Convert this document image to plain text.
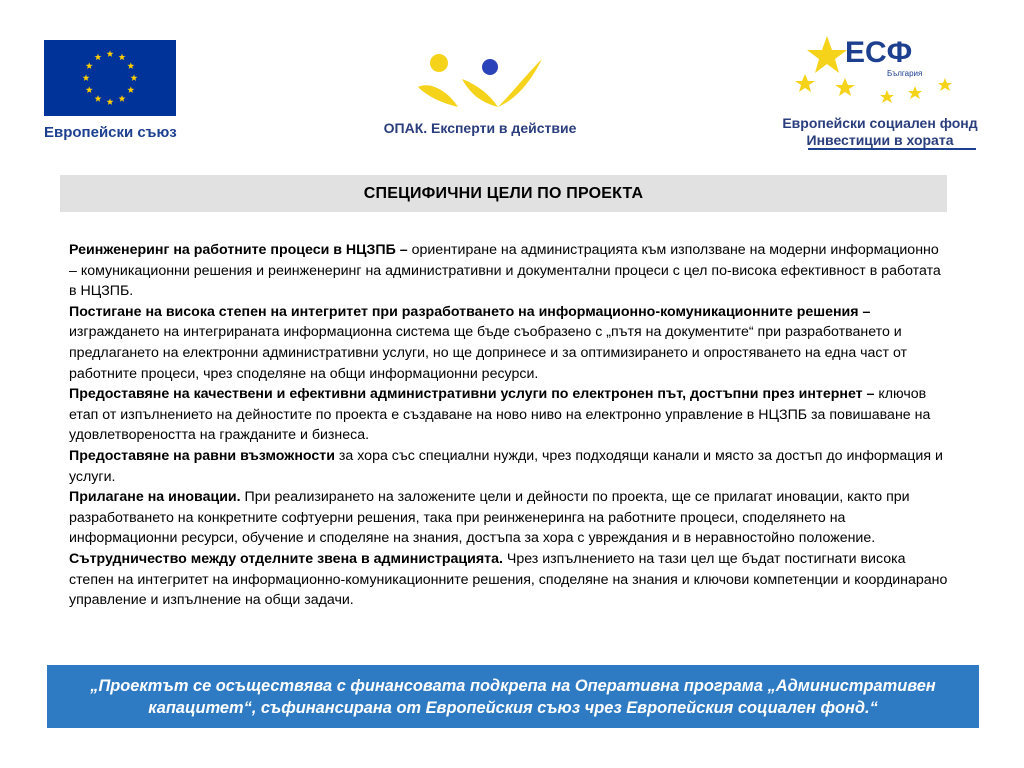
Европейски съюз	ОПАК. Експерти в действие
ЕСФ
България
Европейски социален фонд
Инвестиции в хората
СПЕЦИФИЧНИ ЦЕЛИ ПО ПРОЕКТА

Реинженеринг на работните процеси в НЦЗПБ – ориентиране на администрацията към използване на модерни информационно – комуникационни решения и реинженеринг на административни и документални процеси с цел по-висока ефективност в работата в НЦЗПБ.

Постигане на висока степен на интегритет при разработването на информационно-комуникационните решения – изграждането на интегрираната информационна система ще бъде съобразено с „пътя на документите“ при разработването и предлагането на електронни административни услуги, но ще допринесе и за оптимизирането и опростяването на една част от работните процеси, чрез споделяне на общи информационни ресурси.

Предоставяне на качествени и ефективни административни услуги по електронен път, достъпни през интернет – ключов етап от изпълнението на дейностите по проекта е създаване на ново ниво на електронно управление в НЦЗПБ за повишаване на удовлетвореността на гражданите и бизнеса.

Предоставяне на равни възможности за хора със специални нужди, чрез подходящи канали и място за достъп до информация и услуги.

Прилагане на иновации. При реализирането на заложените цели и дейности по проекта, ще се прилагат иновации, както при разработването на конкретните софтуерни решения, така при реинженеринга на работните процеси, споделянето на информационни ресурси, обучение и споделяне на знания, достъпа за хора с увреждания и в неравностойно положение.

Сътрудничество между отделните звена в администрацията. Чрез изпълнението на тази цел ще бъдат постигнати висока степен на интегритет на информационно-комуникационните решения, споделяне на знания и ключови компетенции и координарано управление и изпълнение на общи задачи.

„Проектът се осъществява с финансовата подкрепа на Оперативна програма „Административен капацитет“, съфинансирана от Европейския съюз чрез Европейския социален фонд.“
